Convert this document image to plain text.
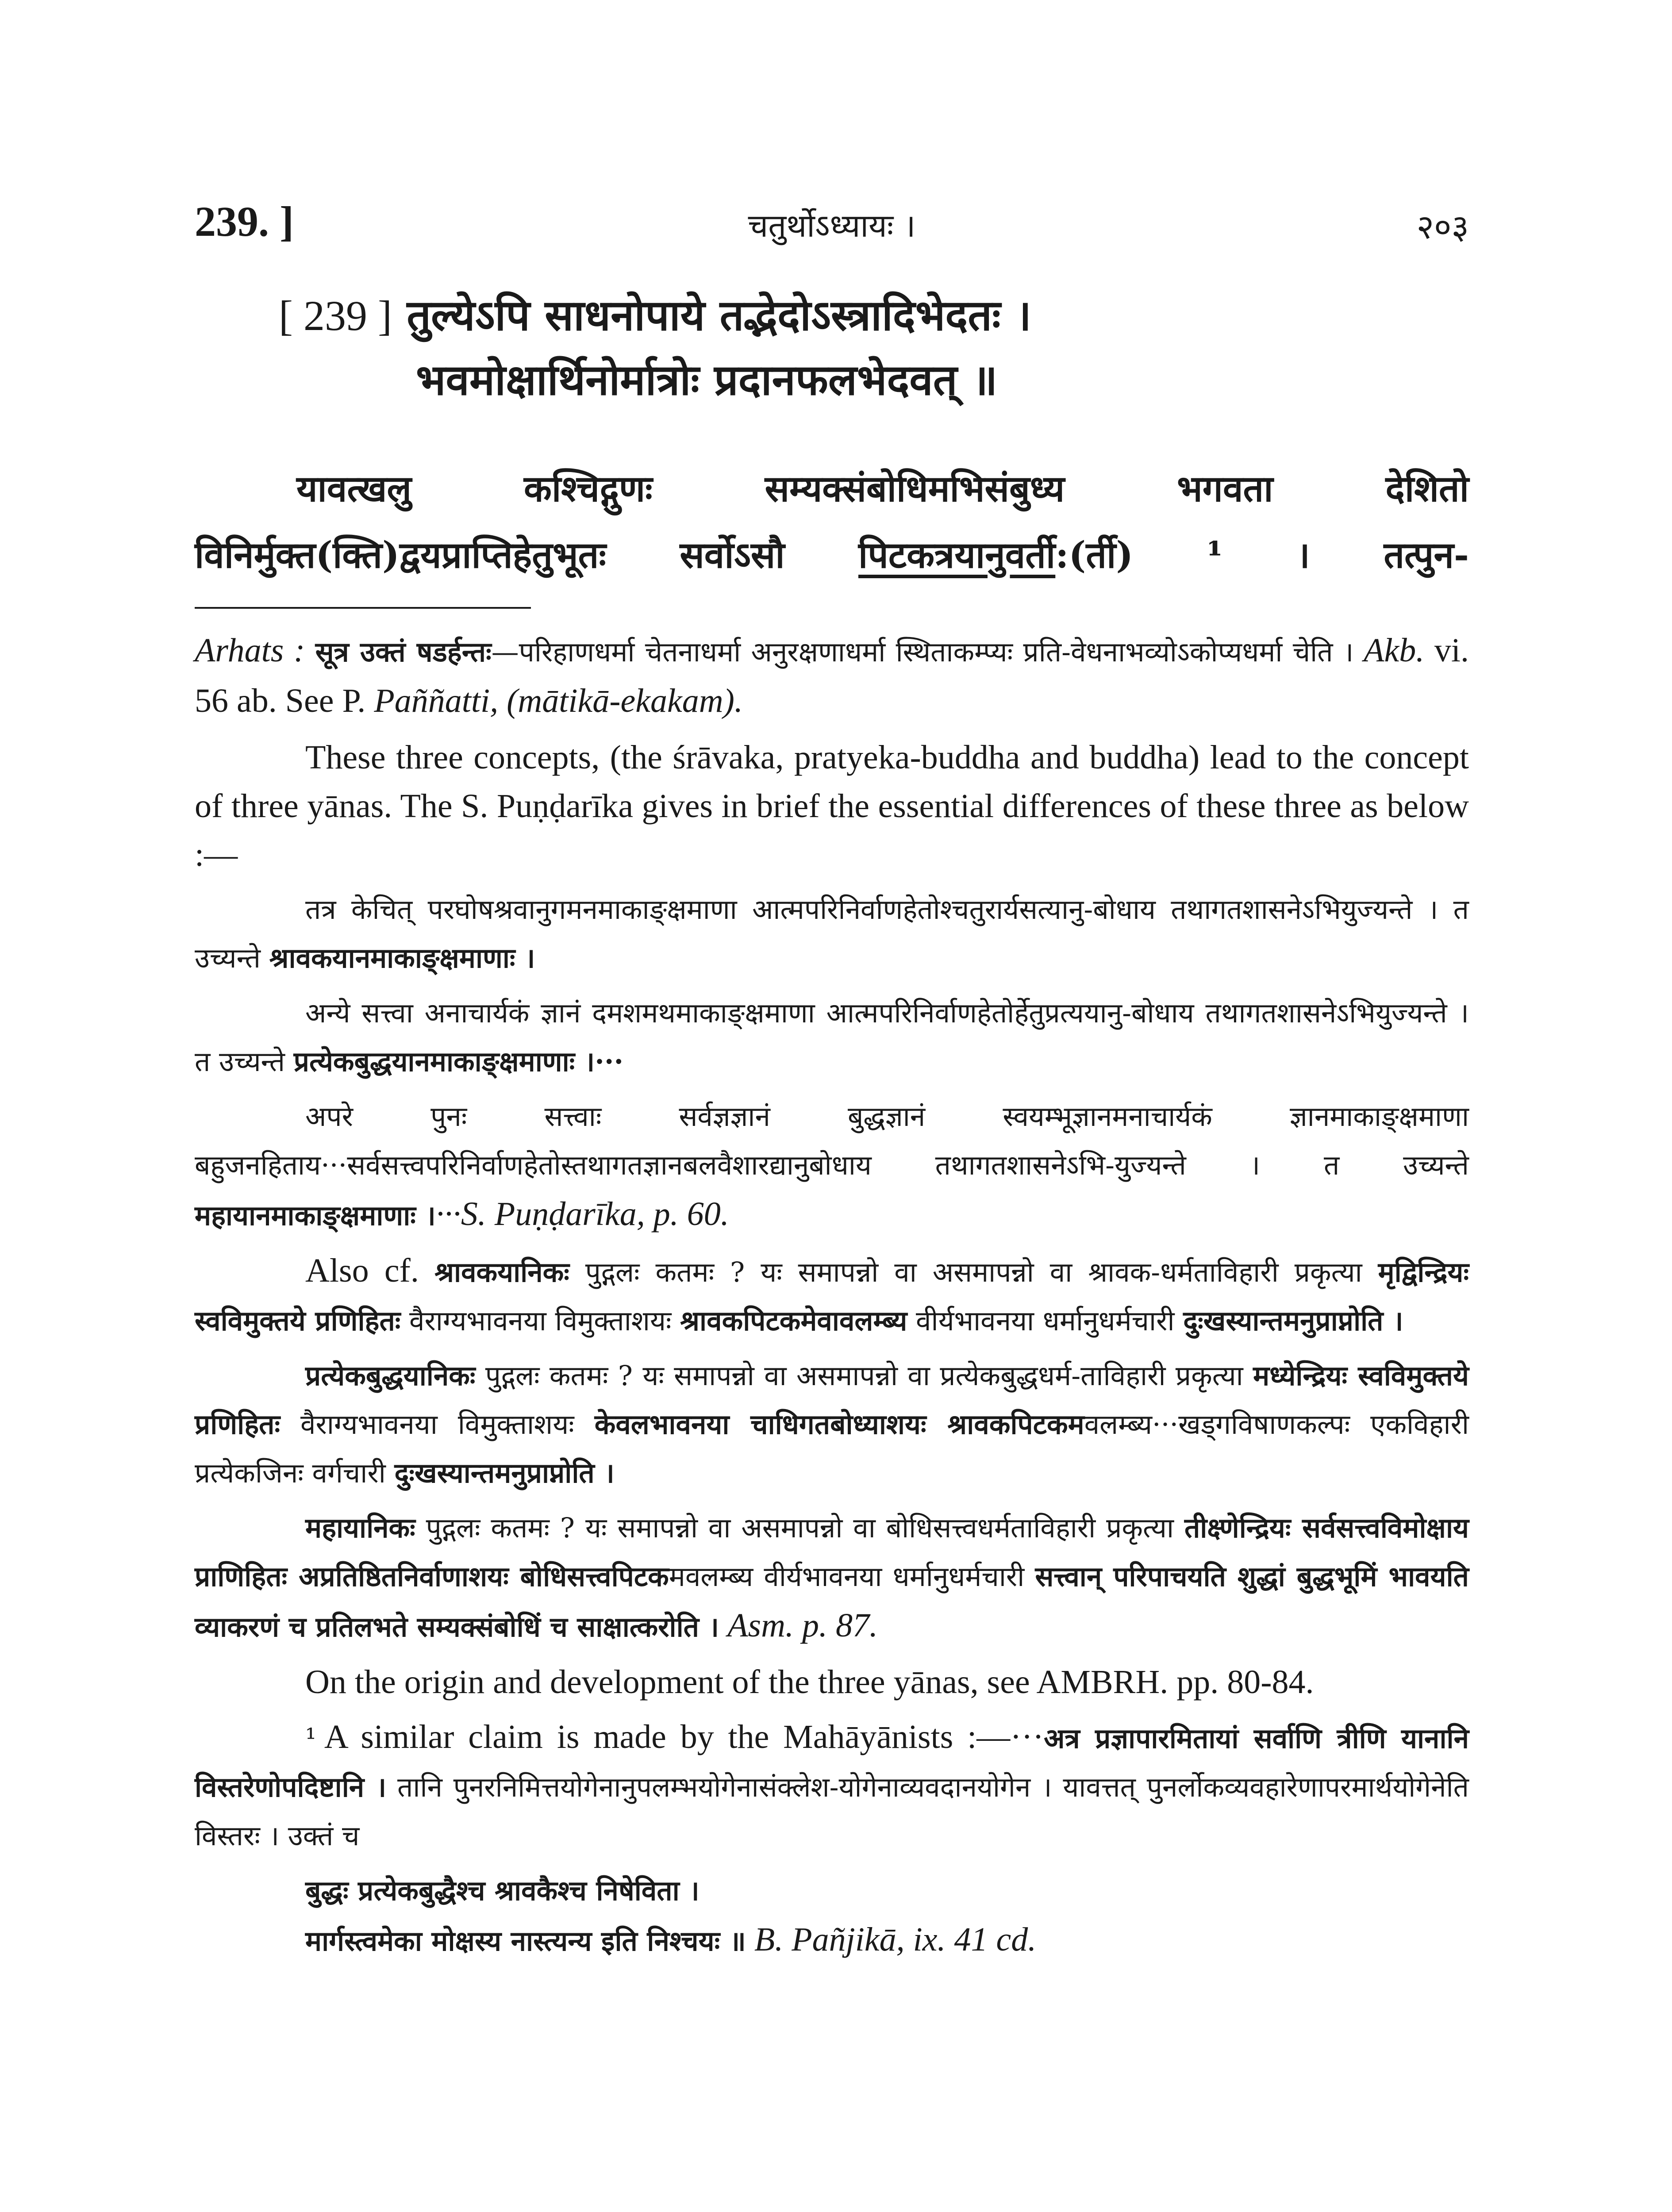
239. ]	चतुर्थोऽध्यायः ।	२०३
[ 239 ] तुल्येऽपि साधनोपाये तद्भेदोऽस्त्रादिभेदतः ।
भवमोक्षार्थिनोर्मात्रोः प्रदानफलभेदवत् ॥
यावत्खलु कश्चिद्गुणः सम्यक्संबोधिमभिसंबुध्य भगवता देशितो
विनिर्मुक्त(क्ति)द्वयप्राप्तिहेतुभूतः सर्वोऽसौ पिटकत्रयानुवर्ती:(र्ती) ¹ । तत्पुन-

Arhats : सूत्र उक्तं षडर्हन्तः—परिहाणधर्मा चेतनाधर्मा अनुरक्षणाधर्मा स्थिताकम्प्यः प्रति-वेधनाभव्योऽकोप्यधर्मा चेति । Akb. vi. 56 ab. See P. Paññatti, (mātikā-ekakam).

These three concepts, (the śrāvaka, pratyeka-buddha and buddha) lead to the concept of three yānas. The S. Puṇḍarīka gives in brief the essential differences of these three as below :—

तत्र केचित् परघोषश्रवानुगमनमाकाङ्क्षमाणा आत्मपरिनिर्वाणहेतोश्चतुरार्यसत्यानु-बोधाय तथागतशासनेऽभियुज्यन्ते । त उच्यन्ते श्रावकयानमाकाङ्क्षमाणाः ।

अन्ये सत्त्वा अनाचार्यकं ज्ञानं दमशमथमाकाङ्क्षमाणा आत्मपरिनिर्वाणहेतोर्हेतुप्रत्ययानु-बोधाय तथागतशासनेऽभियुज्यन्ते । त उच्यन्ते प्रत्येकबुद्धयानमाकाङ्क्षमाणाः ।···

अपरे पुनः सत्त्वाः सर्वज्ञज्ञानं बुद्धज्ञानं स्वयम्भूज्ञानमनाचार्यकं ज्ञानमाकाङ्क्षमाणा बहुजनहिताय···सर्वसत्त्वपरिनिर्वाणहेतोस्तथागतज्ञानबलवैशारद्यानुबोधाय तथागतशासनेऽभि-युज्यन्ते । त उच्यन्ते महायानमाकाङ्क्षमाणाः ।···S. Puṇḍarīka, p. 60.

Also cf. श्रावकयानिकः पुद्गलः कतमः ? यः समापन्नो वा असमापन्नो वा श्रावक-धर्मताविहारी प्रकृत्या मृद्विन्द्रियः स्वविमुक्तये प्रणिहितः वैराग्यभावनया विमुक्ताशयः श्रावकपिटकमेवावलम्ब्य वीर्यभावनया धर्मानुधर्मचारी दुःखस्यान्तमनुप्राप्नोति ।

प्रत्येकबुद्धयानिकः पुद्गलः कतमः ? यः समापन्नो वा असमापन्नो वा प्रत्येकबुद्धधर्म-ताविहारी प्रकृत्या मध्येन्द्रियः स्वविमुक्तये प्रणिहितः वैराग्यभावनया विमुक्ताशयः केवलभावनया चाधिगतबोध्याशयः श्रावकपिटकमवलम्ब्य···खड्गविषाणकल्पः एकविहारी प्रत्येकजिनः वर्गचारी दुःखस्यान्तमनुप्राप्नोति ।

महायानिकः पुद्गलः कतमः ? यः समापन्नो वा असमापन्नो वा बोधिसत्त्वधर्मताविहारी प्रकृत्या तीक्ष्णेन्द्रियः सर्वसत्त्वविमोक्षाय प्राणिहितः अप्रतिष्ठितनिर्वाणाशयः बोधिसत्त्वपिटकमवलम्ब्य वीर्यभावनया धर्मानुधर्मचारी सत्त्वान् परिपाचयति शुद्धां बुद्धभूमिं भावयति व्याकरणं च प्रतिलभते सम्यक्संबोधिं च साक्षात्करोति । Asm. p. 87.

On the origin and development of the three yānas, see AMBRH. pp. 80-84.

¹ A similar claim is made by the Mahāyānists :—···अत्र प्रज्ञापारमितायां सर्वाणि त्रीणि यानानि विस्तरेणोपदिष्टानि । तानि पुनरनिमित्तयोगेनानुपलम्भयोगेनासंक्लेश-योगेनाव्यवदानयोगेन । यावत्तत् पुनर्लोकव्यवहारेणापरमार्थयोगेनेति विस्तरः । उक्तं च

बुद्धः प्रत्येकबुद्धैश्च श्रावकैश्च निषेविता ।

मार्गस्त्वमेका मोक्षस्य नास्त्यन्य इति निश्चयः ॥ B. Pañjikā, ix. 41 cd.
